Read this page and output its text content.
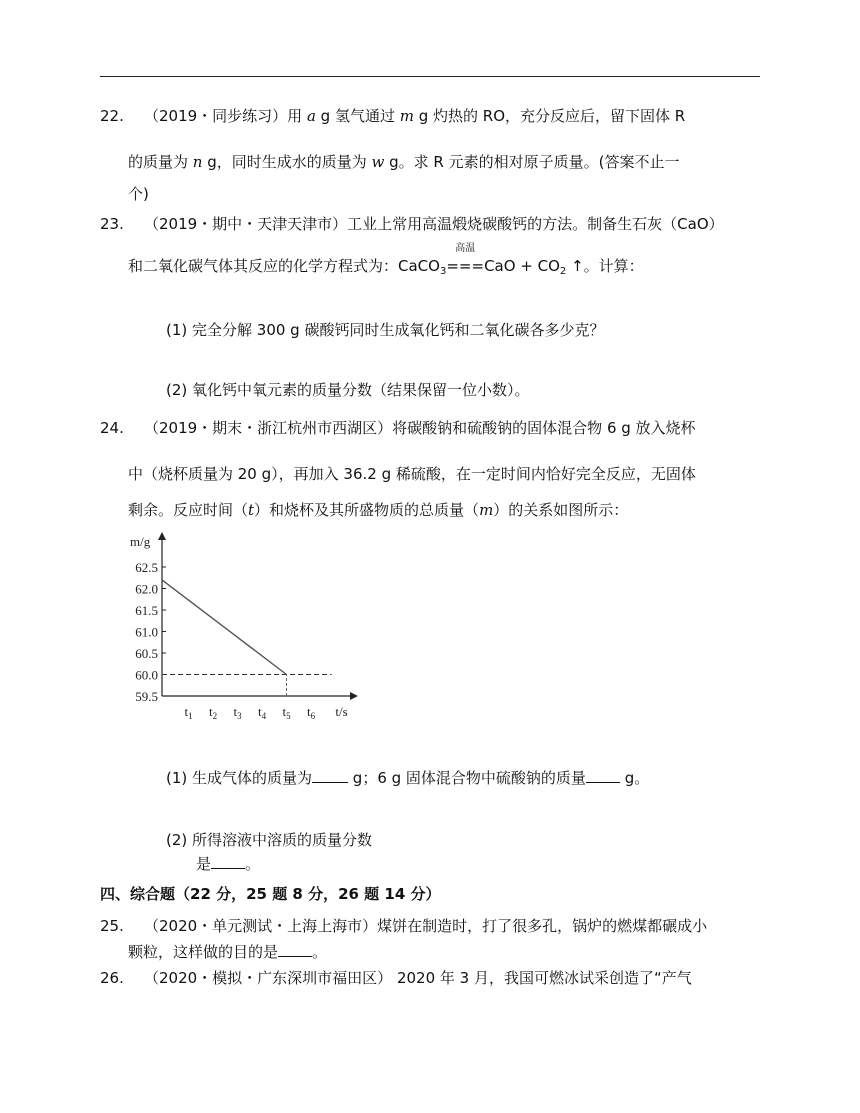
22. （2019・同步练习）用 a g 氢气通过 m g 灼热的 RO，充分反应后，留下固体 R
的质量为 n g，同时生成水的质量为 w g。求 R 元素的相对原子质量。(答案不止一
个)
23. （2019・期中・天津天津市）工业上常用高温煅烧碳酸钙的方法。制备生石灰（CaO）
和二氧化碳气体其反应的化学方程式为：CaCO$_3$
高温
$===CaO + CO_2$ ↑。计算：
(1) 完全分解 300 g 碳酸钙同时生成氧化钙和二氧化碳各多少克？
(2) 氧化钙中氧元素的质量分数（结果保留一位小数）。
24. （2019・期末・浙江杭州市西湖区）将碳酸钠和硫酸钠的固体混合物 6 g 放入烧杯
中（烧杯质量为 20 g），再加入 36.2 g 稀硫酸，在一定时间内恰好完全反应，无固体
剩余。反应时间（t）和烧杯及其所盛物质的总质量（m）的关系如图所示：
59.5
60.0
60.5
61.0
61.5
62.0
62.5
m/g
$t_1$ $t_2$ $t_3$ $t_4$ $t_5$ $t_6$ t/s
(1) 生成气体的质量为 g；6 g 固体混合物中硫酸钠的质量 g。
(2) 所得溶液中溶质的质量分数
是 。
四、综合题（22 分，25 题 8 分，26 题 14 分）
25. （2020・单元测试・上海上海市）煤饼在制造时，打了很多孔，锅炉的燃煤都碾成小
颗粒，这样做的目的是 。
26. （2020・模拟・广东深圳市福田区） 2020 年 3 月，我国可燃冰试采创造了“产气
